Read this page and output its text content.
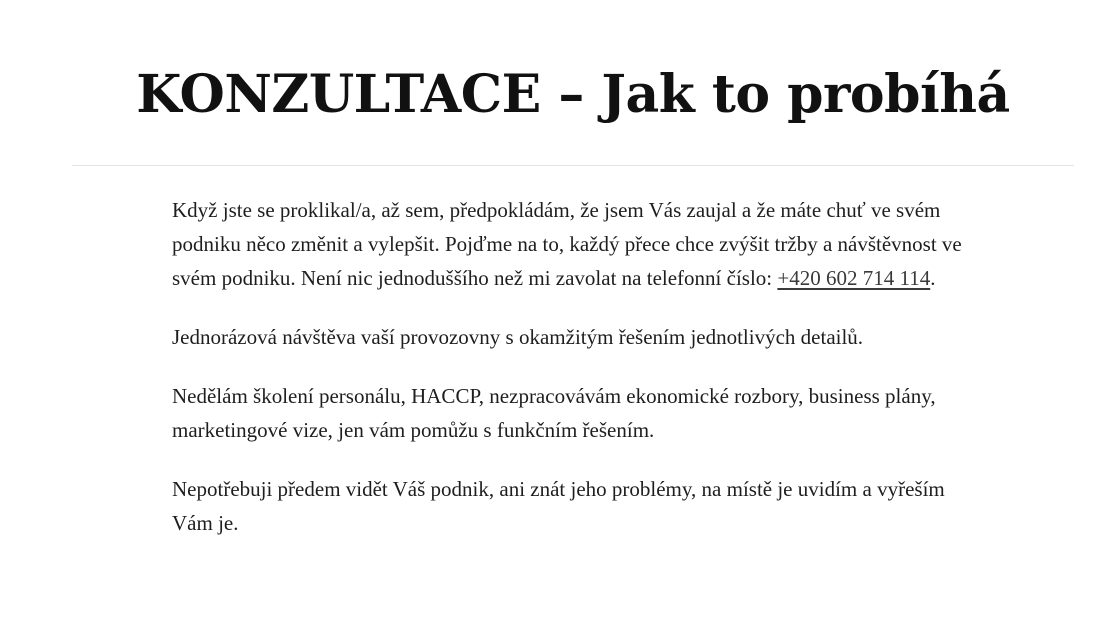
KONZULTACE – Jak to probíhá

Když jste se proklikal/a, až sem, předpokládám, že jsem Vás zaujal a že máte chuť ve svém podniku něco změnit a vylepšit. Pojďme na to, každý přece chce zvýšit tržby a návštěvnost ve svém podniku. Není nic jednoduššího než mi zavolat na telefonní číslo: +420 602 714 114.

Jednorázová návštěva vaší provozovny s okamžitým řešením jednotlivých detailů.

Nedělám školení personálu, HACCP, nezpracovávám ekonomické rozbory, business plány, marketingové vize, jen vám pomůžu s funkčním řešením.

Nepotřebuji předem vidět Váš podnik, ani znát jeho problémy, na místě je uvidím a vyřeším Vám je.
